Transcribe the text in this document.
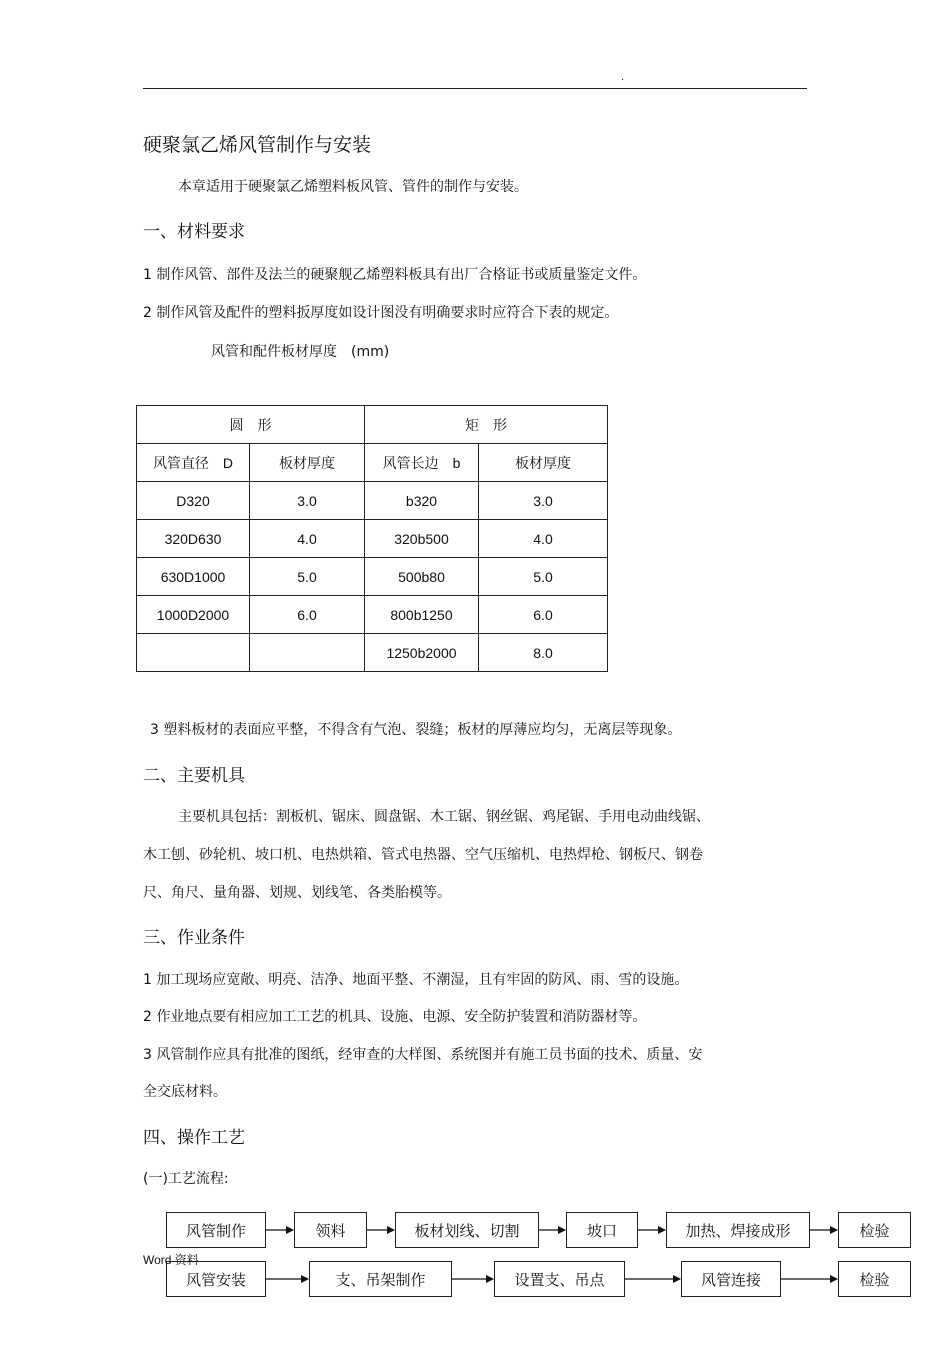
.
硬聚氯乙烯风管制作与安装
本章适用于硬聚氯乙烯塑料板风管、管件的制作与安装。
一、材料要求
1 制作风管、部件及法兰的硬聚舰乙烯塑料板具有出厂合格证书或质量鉴定文件。
2 制作风管及配件的塑料扳厚度如设计图没有明确要求时应符合下表的规定。
风管和配件板材厚度　(mm)
圆　形		矩　形	
风管直径　D	板材厚度	风管长边　b	板材厚度
D320	3.0	b320	3.0
320D630	4.0	320b500	4.0
630D1000	5.0	500b80	5.0
1000D2000	6.0	800b1250	6.0
		1250b2000	8.0
3 塑料板材的表面应平整，不得含有气泡、裂缝；板材的厚薄应均匀，无离层等现象。
二、主要机具
主要机具包括：割板机、锯床、圆盘锯、木工锯、钢丝锯、鸡尾锯、手用电动曲线锯、
木工刨、砂轮机、坡口机、电热烘箱、管式电热器、空气压缩机、电热焊枪、钢板尺、钢卷
尺、角尺、量角器、划规、划线笔、各类胎模等。
三、作业条件
1 加工现场应宽敞、明亮、洁净、地面平整、不潮湿，且有牢固的防风、雨、雪的设施。
2 作业地点要有相应加工工艺的机具、设施、电源、安全防护装置和消防器材等。
3 风管制作应具有批准的图纸，经审查的大样图、系统图并有施工员书面的技术、质量、安
全交底材料。
四、操作工艺
(一)工艺流程:
风管制作	领料	板材划线、切割	坡口	加热、焊接成形	检验
风管安装	支、吊架制作	设置支、吊点	风管连接	检验
Word 资料
